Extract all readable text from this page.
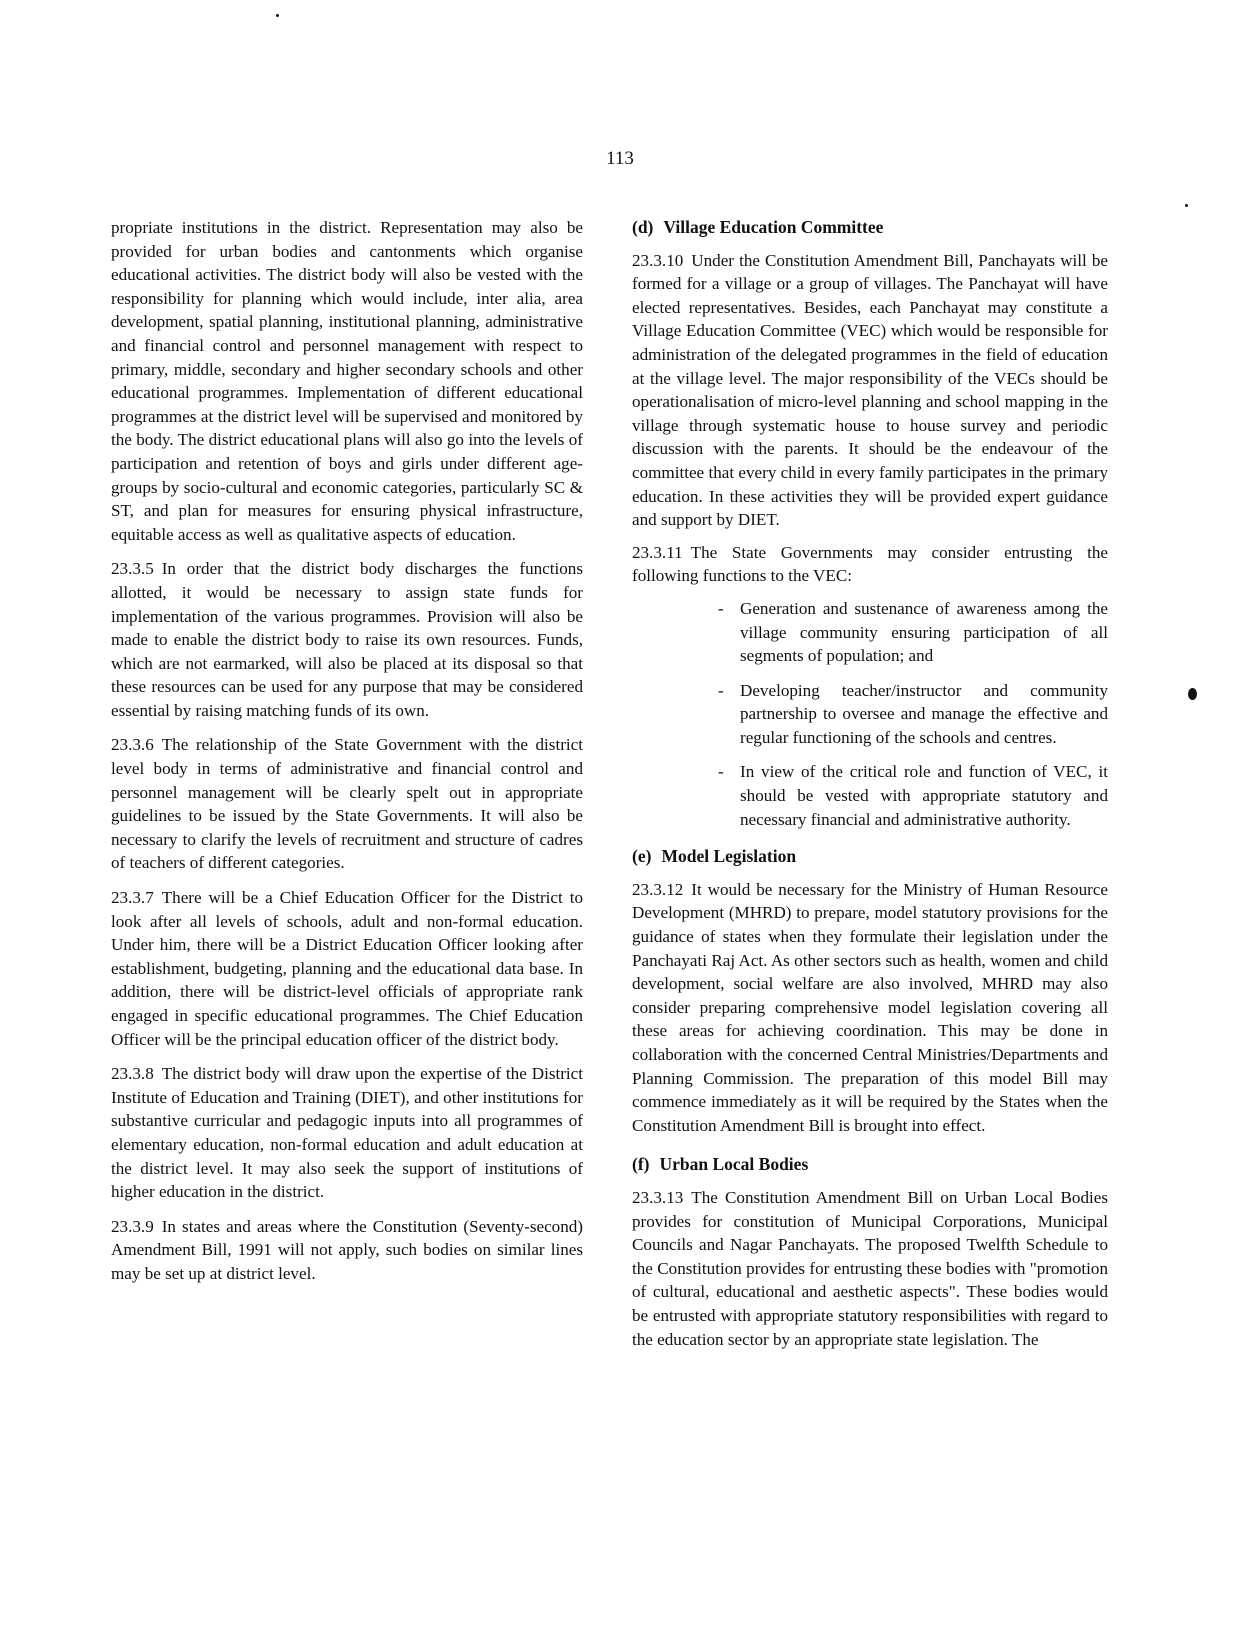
113

propriate institutions in the district. Representation may also be provided for urban bodies and cantonments which organise educational activities. The district body will also be vested with the responsibility for planning which would include, inter alia, area development, spatial planning, institutional planning, administrative and financial control and personnel management with respect to primary, middle, secondary and higher secondary schools and other educational programmes. Implementation of different educational programmes at the district level will be supervised and monitored by the body. The district educational plans will also go into the levels of participation and retention of boys and girls under different age-groups by socio-cultural and economic categories, particularly SC & ST, and plan for measures for ensuring physical infrastructure, equitable access as well as qualitative aspects of education.

23.3.5 In order that the district body discharges the functions allotted, it would be necessary to assign state funds for implementation of the various programmes. Provision will also be made to enable the district body to raise its own resources. Funds, which are not earmarked, will also be placed at its disposal so that these resources can be used for any purpose that may be considered essential by raising matching funds of its own.

23.3.6 The relationship of the State Government with the district level body in terms of administrative and financial control and personnel management will be clearly spelt out in appropriate guidelines to be issued by the State Governments. It will also be necessary to clarify the levels of recruitment and structure of cadres of teachers of different categories.

23.3.7 There will be a Chief Education Officer for the District to look after all levels of schools, adult and non-formal education. Under him, there will be a District Education Officer looking after establishment, budgeting, planning and the educational data base. In addition, there will be district-level officials of appropriate rank engaged in specific educational programmes. The Chief Education Officer will be the principal education officer of the district body.

23.3.8 The district body will draw upon the expertise of the District Institute of Education and Training (DIET), and other institutions for substantive curricular and pedagogic inputs into all programmes of elementary education, non-formal education and adult education at the district level. It may also seek the support of institutions of higher education in the district.

23.3.9 In states and areas where the Constitution (Seventy-second) Amendment Bill, 1991 will not apply, such bodies on similar lines may be set up at district level.

(d) Village Education Committee

23.3.10 Under the Constitution Amendment Bill, Panchayats will be formed for a village or a group of villages. The Panchayat will have elected representatives. Besides, each Panchayat may constitute a Village Education Committee (VEC) which would be responsible for administration of the delegated programmes in the field of education at the village level. The major responsibility of the VECs should be operationalisation of micro-level planning and school mapping in the village through systematic house to house survey and periodic discussion with the parents. It should be the endeavour of the committee that every child in every family participates in the primary education. In these activities they will be provided expert guidance and support by DIET.

23.3.11 The State Governments may consider entrusting the following functions to the VEC:

- Generation and sustenance of awareness among the village community ensuring participation of all segments of population; and
- Developing teacher/instructor and community partnership to oversee and manage the effective and regular functioning of the schools and centres.
- In view of the critical role and function of VEC, it should be vested with appropriate statutory and necessary financial and administrative authority.
(e) Model Legislation

23.3.12 It would be necessary for the Ministry of Human Resource Development (MHRD) to prepare, model statutory provisions for the guidance of states when they formulate their legislation under the Panchayati Raj Act. As other sectors such as health, women and child development, social welfare are also involved, MHRD may also consider preparing comprehensive model legislation covering all these areas for achieving coordination. This may be done in collaboration with the concerned Central Ministries/Departments and Planning Commission. The preparation of this model Bill may commence immediately as it will be required by the States when the Constitution Amendment Bill is brought into effect.

(f) Urban Local Bodies

23.3.13 The Constitution Amendment Bill on Urban Local Bodies provides for constitution of Municipal Corporations, Municipal Councils and Nagar Panchayats. The proposed Twelfth Schedule to the Constitution provides for entrusting these bodies with "promotion of cultural, educational and aesthetic aspects". These bodies would be entrusted with appropriate statutory responsibilities with regard to the education sector by an appropriate state legislation. The
